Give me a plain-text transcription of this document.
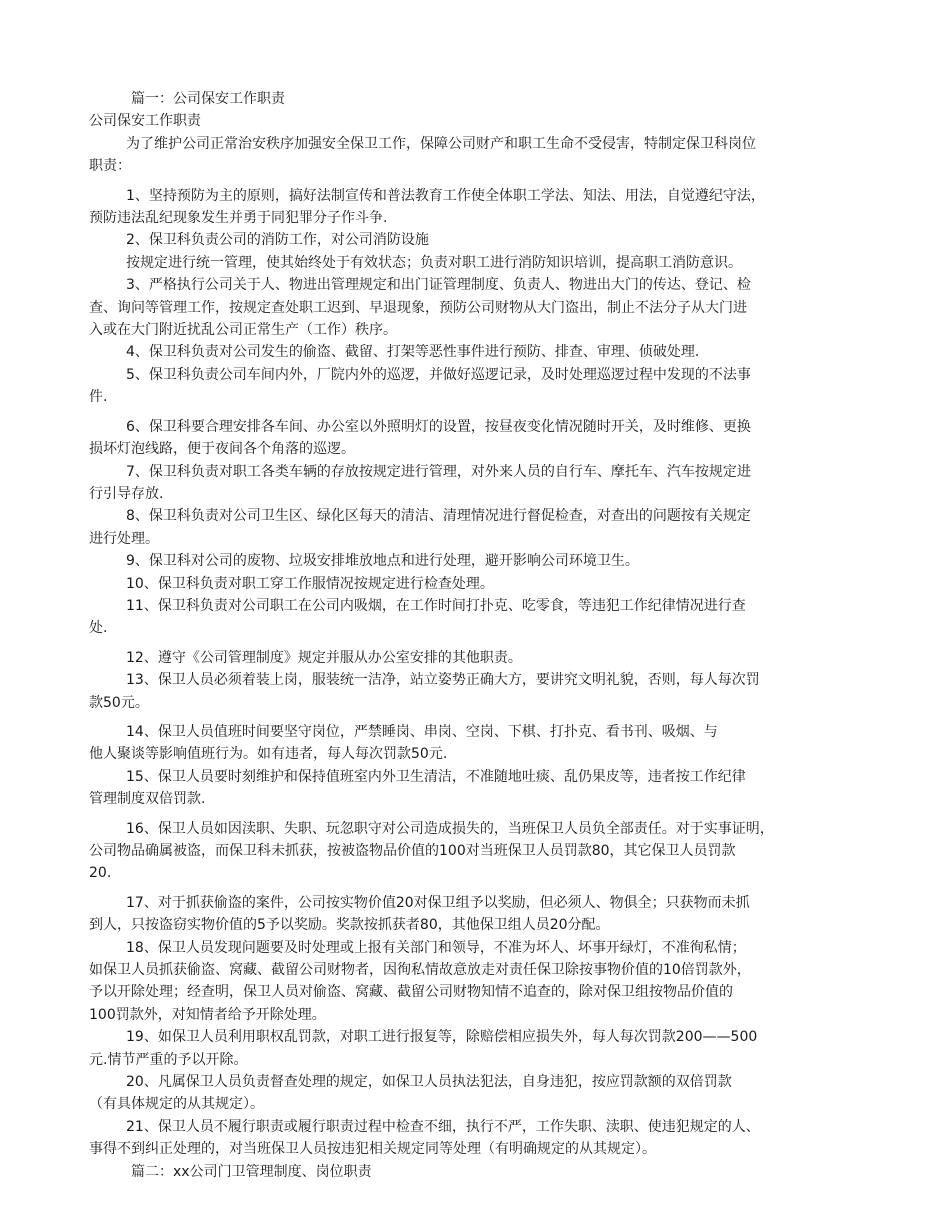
篇一：公司保安工作职责

公司保安工作职责

为了维护公司正常治安秩序加强安全保卫工作，保障公司财产和职工生命不受侵害，特制定保卫科岗位

职责：

1、坚持预防为主的原则，搞好法制宣传和普法教育工作使全体职工学法、知法、用法，自觉遵纪守法，

预防违法乱纪现象发生并勇于同犯罪分子作斗争.

2、保卫科负责公司的消防工作，对公司消防设施

按规定进行统一管理，使其始终处于有效状态；负责对职工进行消防知识培训，提高职工消防意识。

3、严格执行公司关于人、物进出管理规定和出门证管理制度、负责人、物进出大门的传达、登记、检

查、询问等管理工作，按规定查处职工迟到、早退现象，预防公司财物从大门盗出，制止不法分子从大门进

入或在大门附近扰乱公司正常生产（工作）秩序。

4、保卫科负责对公司发生的偷盗、截留、打架等恶性事件进行预防、排查、审理、侦破处理.

5、保卫科负责公司车间内外，厂院内外的巡逻，并做好巡逻记录，及时处理巡逻过程中发现的不法事

件.

6、保卫科要合理安排各车间、办公室以外照明灯的设置，按昼夜变化情况随时开关，及时维修、更换

损坏灯泡线路，便于夜间各个角落的巡逻。

7、保卫科负责对职工各类车辆的存放按规定进行管理，对外来人员的自行车、摩托车、汽车按规定进

行引导存放.

8、保卫科负责对公司卫生区、绿化区每天的清洁、清理情况进行督促检查，对查出的问题按有关规定

进行处理。

9、保卫科对公司的废物、垃圾安排堆放地点和进行处理，避开影响公司环境卫生。

10、保卫科负责对职工穿工作服情况按规定进行检查处理。

11、保卫科负责对公司职工在公司内吸烟，在工作时间打扑克、吃零食，等违犯工作纪律情况进行查

处.

12、遵守《公司管理制度》规定并服从办公室安排的其他职责。

13、保卫人员必须着装上岗，服装统一洁净，站立姿势正确大方，要讲究文明礼貌，否则，每人每次罚

款50元。

14、保卫人员值班时间要坚守岗位，严禁睡岗、串岗、空岗、下棋、打扑克、看书刊、吸烟、与

他人聚谈等影响值班行为。如有违者，每人每次罚款50元.

15、保卫人员要时刻维护和保持值班室内外卫生清洁，不准随地吐痰、乱仍果皮等，违者按工作纪律

管理制度双倍罚款.

16、保卫人员如因渎职、失职、玩忽职守对公司造成损失的，当班保卫人员负全部责任。对于实事证明，

公司物品确属被盗，而保卫科未抓获，按被盗物品价值的100对当班保卫人员罚款80，其它保卫人员罚款

20.

17、对于抓获偷盗的案件，公司按实物价值20对保卫组予以奖励，但必须人、物俱全；只获物而未抓

到人，只按盗窃实物价值的5予以奖励。奖款按抓获者80，其他保卫组人员20分配。

18、保卫人员发现问题要及时处理或上报有关部门和领导，不准为坏人、坏事开绿灯，不准徇私情；

如保卫人员抓获偷盗、窝藏、截留公司财物者，因徇私情故意放走对责任保卫除按事物价值的10倍罚款外，

予以开除处理；经查明，保卫人员对偷盗、窝藏、截留公司财物知情不追查的，除对保卫组按物品价值的

100罚款外，对知情者给予开除处理。

19、如保卫人员利用职权乱罚款，对职工进行报复等，除赔偿相应损失外，每人每次罚款200——500

元.情节严重的予以开除。

20、凡属保卫人员负责督查处理的规定，如保卫人员执法犯法，自身违犯，按应罚款额的双倍罚款

（有具体规定的从其规定）。

21、保卫人员不履行职责或履行职责过程中检查不细，执行不严，工作失职、渎职、使违犯规定的人、

事得不到纠正处理的，对当班保卫人员按违犯相关规定同等处理（有明确规定的从其规定）。

篇二：xx公司门卫管理制度、岗位职责
